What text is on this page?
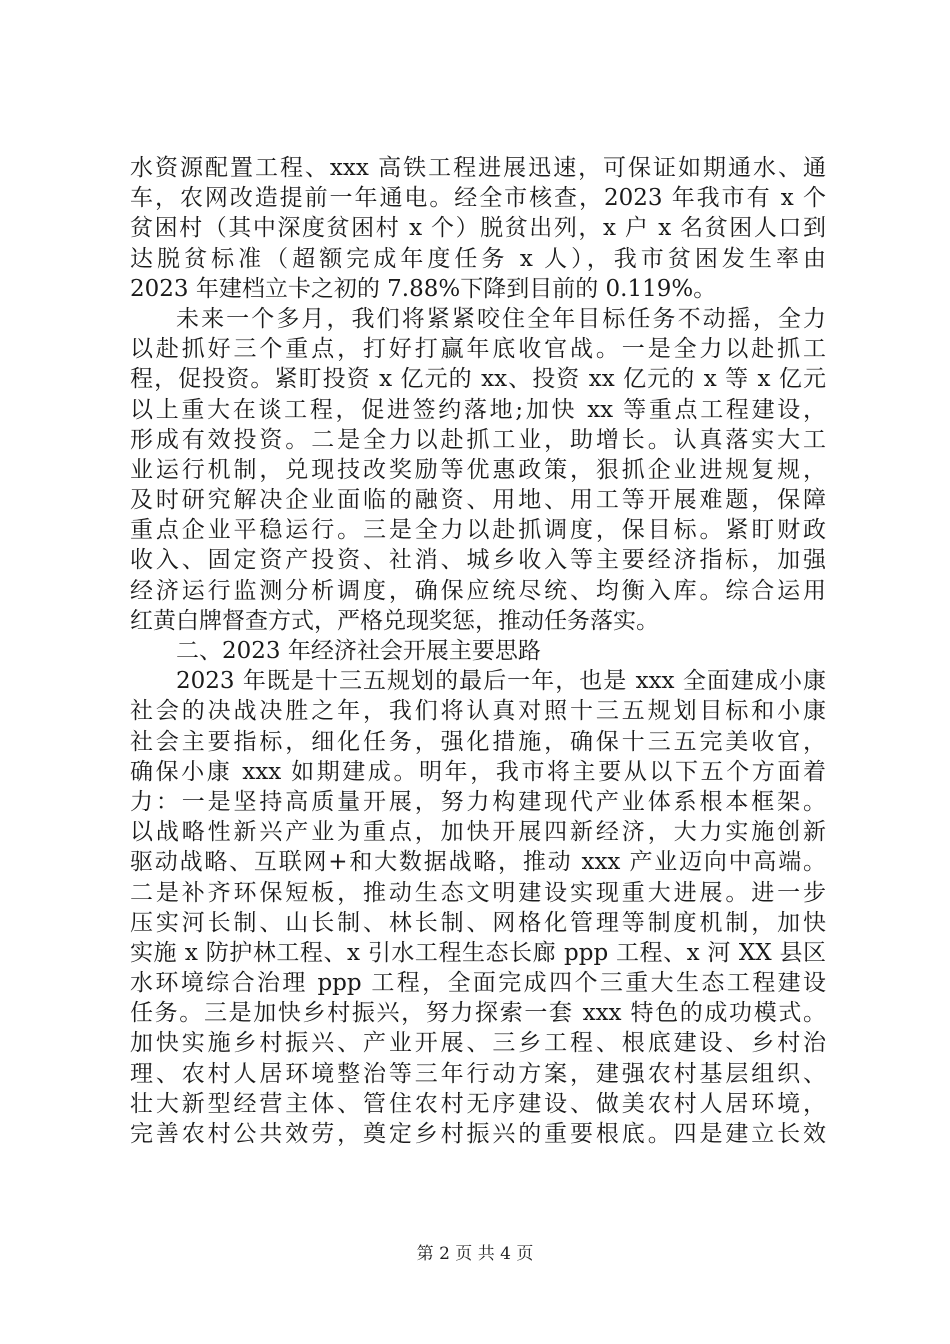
水资源配置工程、xxx 高铁工程进展迅速，可保证如期通水、通
车，农网改造提前一年通电。经全市核查，2023 年我市有 x 个
贫困村（其中深度贫困村 x 个）脱贫出列，x 户 x 名贫困人口到
达脱贫标准（超额完成年度任务 x 人），我市贫困发生率由
2023 年建档立卡之初的 7.88%下降到目前的 0.119%。
未来一个多月，我们将紧紧咬住全年目标任务不动摇，全力
以赴抓好三个重点，打好打赢年底收官战。一是全力以赴抓工
程，促投资。紧盯投资 x 亿元的 xx、投资 xx 亿元的 x 等 x 亿元
以上重大在谈工程，促进签约落地;加快 xx 等重点工程建设，
形成有效投资。二是全力以赴抓工业，助增长。认真落实大工
业运行机制，兑现技改奖励等优惠政策，狠抓企业进规复规，
及时研究解决企业面临的融资、用地、用工等开展难题，保障
重点企业平稳运行。三是全力以赴抓调度，保目标。紧盯财政
收入、固定资产投资、社消、城乡收入等主要经济指标，加强
经济运行监测分析调度，确保应统尽统、均衡入库。综合运用
红黄白牌督查方式，严格兑现奖惩，推动任务落实。
二、2023 年经济社会开展主要思路
2023 年既是十三五规划的最后一年，也是 xxx 全面建成小康
社会的决战决胜之年，我们将认真对照十三五规划目标和小康
社会主要指标，细化任务，强化措施，确保十三五完美收官，
确保小康 xxx 如期建成。明年，我市将主要从以下五个方面着
力：一是坚持高质量开展，努力构建现代产业体系根本框架。
以战略性新兴产业为重点，加快开展四新经济，大力实施创新
驱动战略、互联网+和大数据战略，推动 xxx 产业迈向中高端。
二是补齐环保短板，推动生态文明建设实现重大进展。进一步
压实河长制、山长制、林长制、网格化管理等制度机制，加快
实施 x 防护林工程、x 引水工程生态长廊 ppp 工程、x 河 XX 县区
水环境综合治理 ppp 工程，全面完成四个三重大生态工程建设
任务。三是加快乡村振兴，努力探索一套 xxx 特色的成功模式。
加快实施乡村振兴、产业开展、三乡工程、根底建设、乡村治
理、农村人居环境整治等三年行动方案，建强农村基层组织、
壮大新型经营主体、管住农村无序建设、做美农村人居环境，
完善农村公共效劳，奠定乡村振兴的重要根底。四是建立长效
第 2 页 共 4 页
